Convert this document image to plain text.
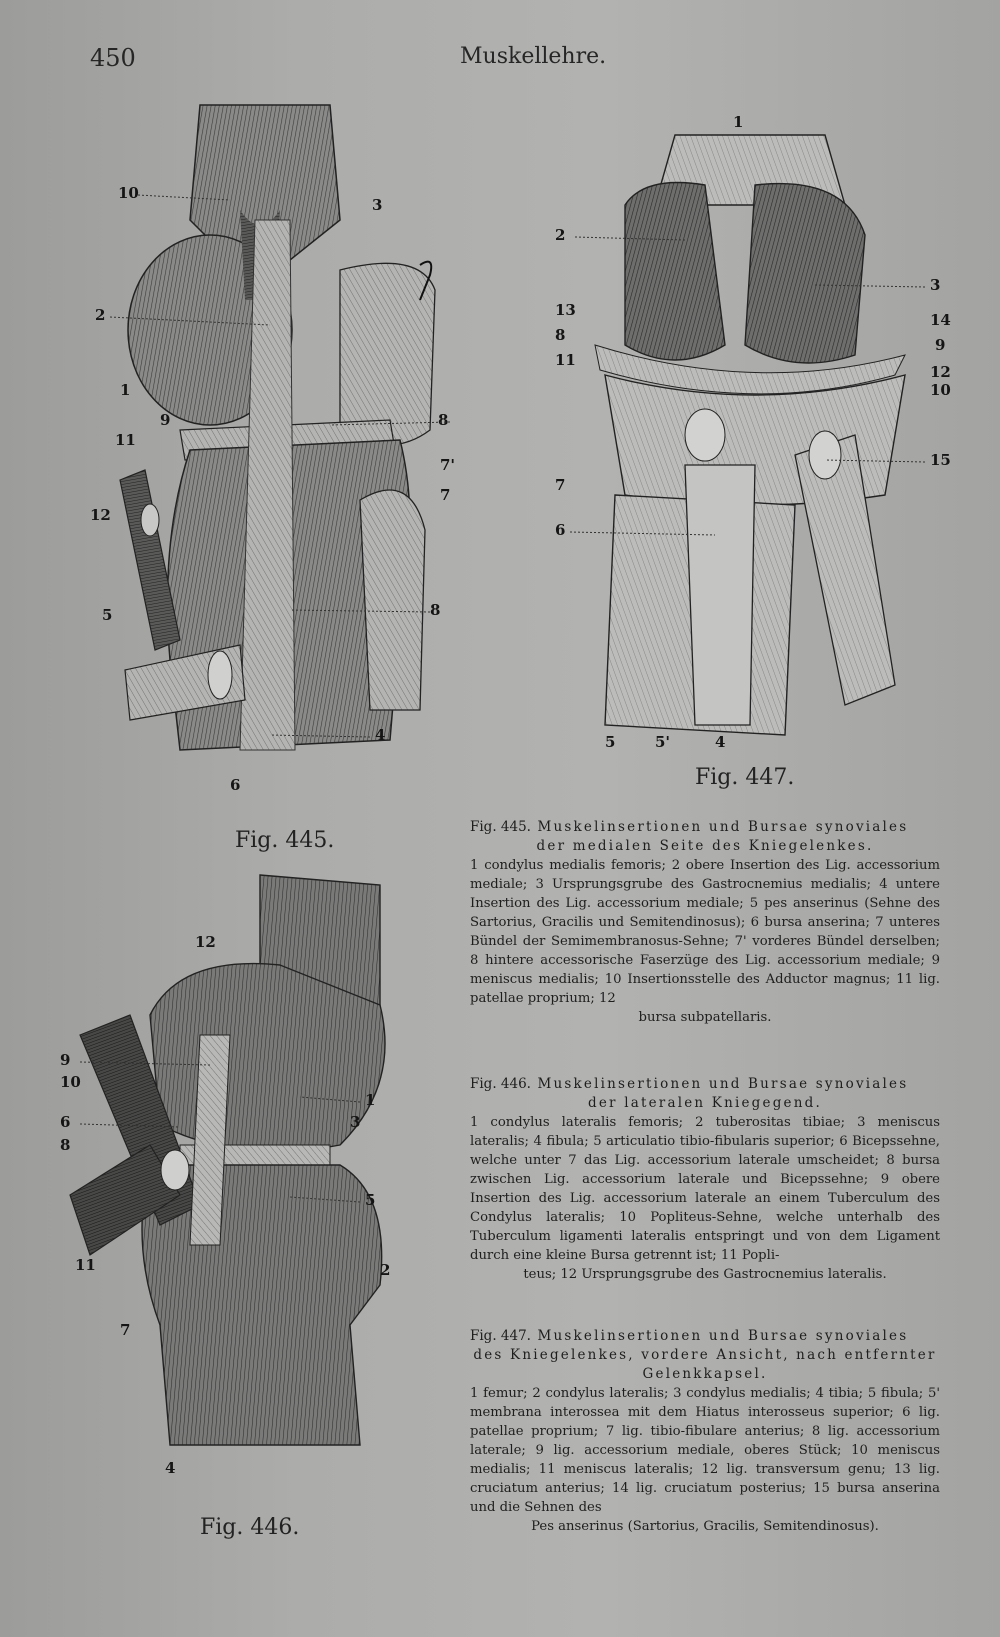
450	Muskellehre.
10
3
2
1
9
11
12
5
8
7'
7
8
4
6
Fig. 445.
1
2
3
13
14
8
9
11
12
10
15
7
6
5	5'	4
Fig. 447.
12
9
10
6
8
1
3
5
2
11
7
4
Fig. 446.
Fig. 445. Muskelinsertionen und Bursae synoviales
der medialen Seite des Kniegelenkes.
1 condylus medialis femoris; 2 obere Insertion des Lig. accessorium mediale; 3 Ursprungsgrube des Gastrocnemius medialis; 4 untere Insertion des Lig. accessorium mediale; 5 pes anserinus (Sehne des Sartorius, Gracilis und Semitendinosus); 6 bursa anserina; 7 unteres Bündel der Semimembranosus-Sehne; 7' vorderes Bündel derselben; 8 hintere accessorische Faserzüge des Lig. accessorium mediale; 9 meniscus medialis; 10 Insertionsstelle des Adductor magnus; 11 lig. patellae proprium; 12
bursa subpatellaris.
Fig. 446. Muskelinsertionen und Bursae synoviales
der lateralen Kniegegend.
1 condylus lateralis femoris; 2 tuberositas tibiae; 3 meniscus lateralis; 4 fibula; 5 articulatio tibio-fibularis superior; 6 Bicepssehne, welche unter 7 das Lig. accessorium laterale umscheidet; 8 bursa zwischen Lig. accessorium laterale und Bicepssehne; 9 obere Insertion des Lig. accessorium laterale an einem Tuberculum des Condylus lateralis; 10 Popliteus-Sehne, welche unterhalb des Tuberculum ligamenti lateralis entspringt und von dem Ligament durch eine kleine Bursa getrennt ist; 11 Popli-
teus; 12 Ursprungsgrube des Gastrocnemius lateralis.
Fig. 447. Muskelinsertionen und Bursae synoviales
des Kniegelenkes, vordere Ansicht, nach entfernter
Gelenkkapsel.
1 femur; 2 condylus lateralis; 3 condylus medialis; 4 tibia; 5 fibula; 5' membrana interossea mit dem Hiatus interosseus superior; 6 lig. patellae proprium; 7 lig. tibio-fibulare anterius; 8 lig. accessorium laterale; 9 lig. accessorium mediale, oberes Stück; 10 meniscus medialis; 11 meniscus lateralis; 12 lig. transversum genu; 13 lig. cruciatum anterius; 14 lig. cruciatum posterius; 15 bursa anserina und die Sehnen des
Pes anserinus (Sartorius, Gracilis, Semitendinosus).
